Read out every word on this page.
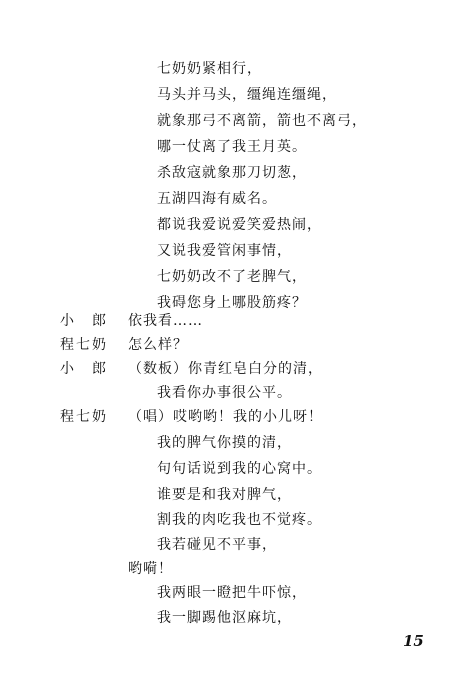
七奶奶紧相行，
马头并马头，缰绳连缰绳，
就象那弓不离箭，箭也不离弓，
哪一仗离了我王月英。
杀敌寇就象那刀切葱，
五湖四海有威名。
都说我爱说爱笑爱热闹，
又说我爱管闲事情，
七奶奶改不了老脾气，
我碍您身上哪股筋疼？
小　郎 依我看……
程七奶 怎么样？
小　郎 （数板）你青红皂白分的清，
我看你办事很公平。
程七奶 （唱）哎哟哟！我的小儿呀！
我的脾气你摸的清，
句句话说到我的心窝中。
谁要是和我对脾气，
割我的肉吃我也不觉疼。
我若碰见不平事，
哟嗬！
我两眼一瞪把牛吓惊，
我一脚踢他沤麻坑，
15
